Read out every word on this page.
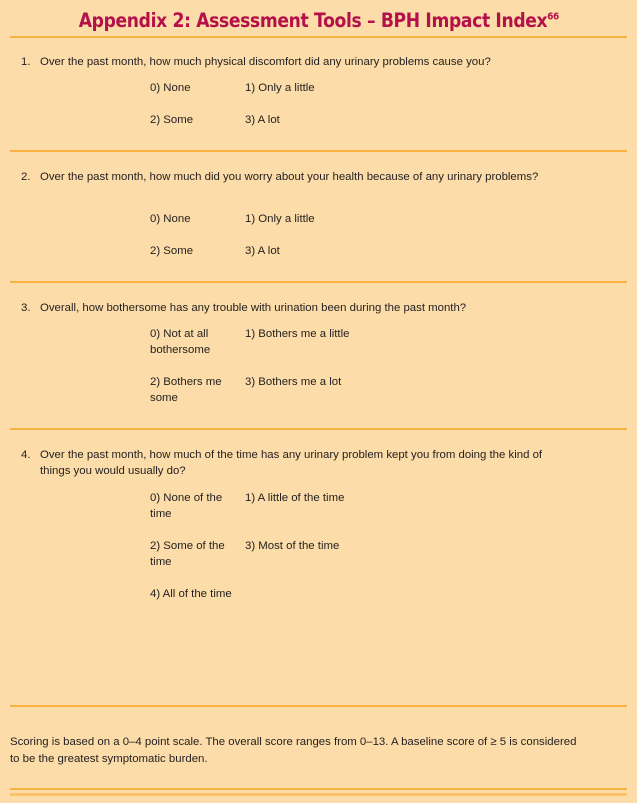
Appendix 2: Assessment Tools – BPH Impact Index$^{66}$
1. Over the past month, how much physical discomfort did any urinary problems cause you?
0) None	1) Only a little
2) Some	3) A lot
2. Over the past month, how much did you worry about your health because of any urinary problems?
0) None	1) Only a little
2) Some	3) A lot
3. Overall, how bothersome has any trouble with urination been during the past month?
0) Not at all bothersome
1) Bothers me a little
2) Bothers me some
3) Bothers me a lot
4. Over the past month, how much of the time has any urinary problem kept you from doing the kind of things you would usually do?
0) None of the time
1) A little of the time
2) Some of the time
3) Most of the time
4) All of the time
Scoring is based on a 0–4 point scale. The overall score ranges from 0–13. A baseline score of ≥ 5 is considered to be the greatest symptomatic burden.
